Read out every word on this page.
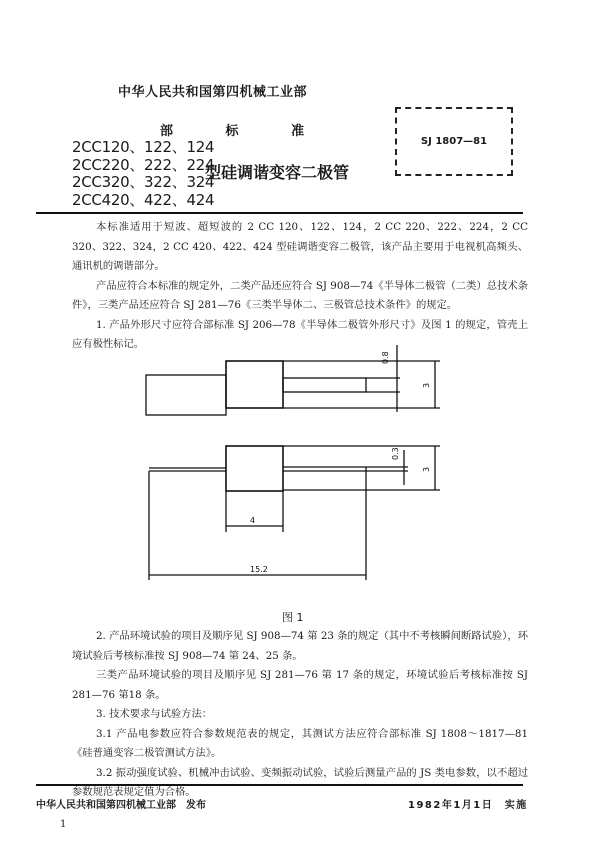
中华人民共和国第四机械工业部
部	标	准
2CC120、122、124
2CC220、222、224
2CC320、322、324
2CC420、422、424
型硅调谐变容二极管
SJ 1807—81

本标准适用于短波、超短波的 2 CC 120、122、124，2 CC 220、222、224，2 CC 320、322、324，2 CC 420、422、424 型硅调谐变容二极管，该产品主要用于电视机高频头、通讯机的调谐部分。

产品应符合本标准的规定外，二类产品还应符合 SJ 908—74《半导体二极管（二类）总技术条件》，三类产品还应符合 SJ 281—76《三类半导体二、三极管总技术条件》的规定。

1. 产品外形尺寸应符合部标准 SJ 206—78《半导体二极管外形尺寸》及图 1 的规定，管壳上应有极性标记。

0.8
3
0.3
3
4
15.2
图 1

2. 产品环境试验的项目及顺序见 SJ 908—74 第 23 条的规定（其中不考核瞬间断路试验），环境试验后考核标准按 SJ 908—74 第 24、25 条。

三类产品环境试验的项目及顺序见 SJ 281—76 第 17 条的规定，环境试验后考核标准按 SJ 281—76 第18 条。

3. 技术要求与试验方法：

3.1 产品电参数应符合参数规范表的规定，其测试方法应符合部标准 SJ 1808～1817—81《硅普通变容二极管测试方法》。

3.2 振动强度试验、机械冲击试验、变频振动试验，试验后测量产品的 JS 类电参数，以不超过参数规范表规定值为合格。

中华人民共和国第四机械工业部　发布	1982年1月1日　实施
1
